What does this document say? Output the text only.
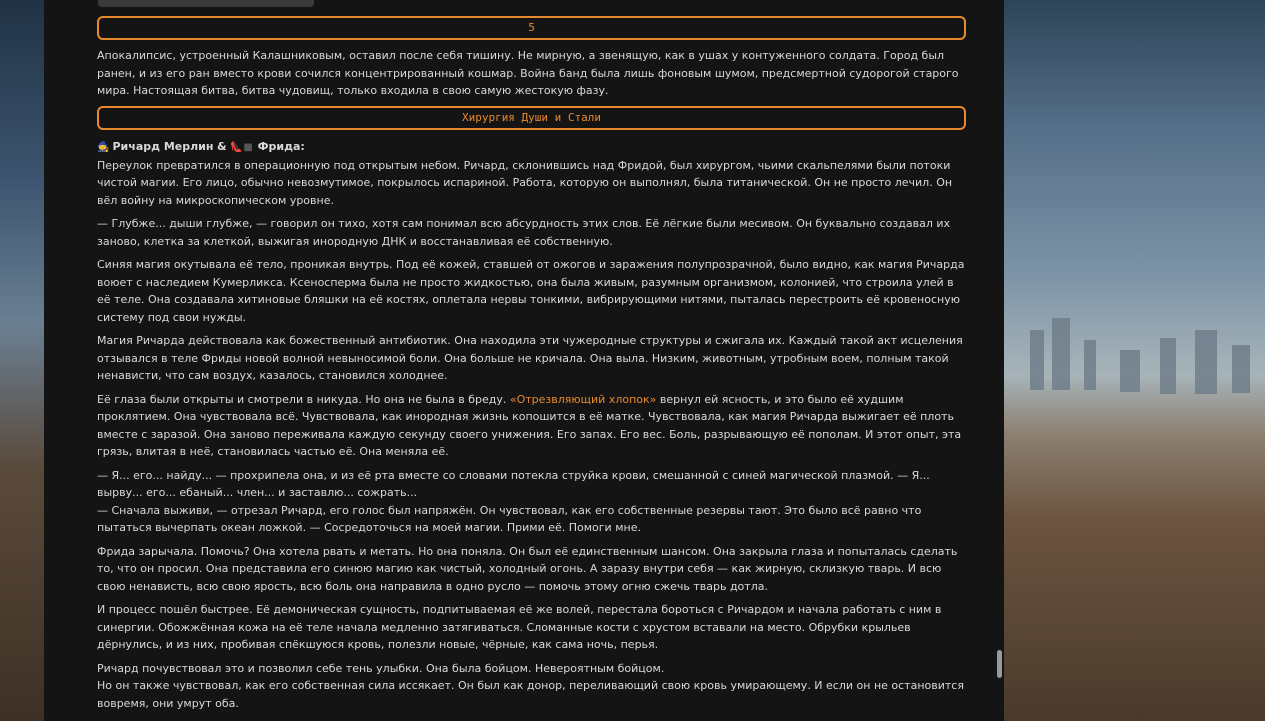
5

Апокалипсис, устроенный Калашниковым, оставил после себя тишину. Не мирную, а звенящую, как в ушах у контуженного солдата. Город был ранен, и из его ран вместо крови сочился концентрированный кошмар. Война банд была лишь фоновым шумом, предсмертной судорогой старого мира. Настоящая битва, битва чудовищ, только входила в свою самую жестокую фазу.

Хирургия Души и Стали

🧙 Ричард Мерлин & 👠■ Фрида:

Переулок превратился в операционную под открытым небом. Ричард, склонившись над Фридой, был хирургом, чьими скальпелями были потоки чистой магии. Его лицо, обычно невозмутимое, покрылось испариной. Работа, которую он выполнял, была титанической. Он не просто лечил. Он вёл войну на микроскопическом уровне.

— Глубже... дыши глубже, — говорил он тихо, хотя сам понимал всю абсурдность этих слов. Её лёгкие были месивом. Он буквально создавал их заново, клетка за клеткой, выжигая инородную ДНК и восстанавливая её собственную.

Синяя магия окутывала её тело, проникая внутрь. Под её кожей, ставшей от ожогов и заражения полупрозрачной, было видно, как магия Ричарда воюет с наследием Кумерликса. Ксеносперма была не просто жидкостью, она была живым, разумным организмом, колонией, что строила улей в её теле. Она создавала хитиновые бляшки на её костях, оплетала нервы тонкими, вибрирующими нитями, пыталась перестроить её кровеносную систему под свои нужды.

Магия Ричарда действовала как божественный антибиотик. Она находила эти чужеродные структуры и сжигала их. Каждый такой акт исцеления отзывался в теле Фриды новой волной невыносимой боли. Она больше не кричала. Она выла. Низким, животным, утробным воем, полным такой ненависти, что сам воздух, казалось, становился холоднее.

Её глаза были открыты и смотрели в никуда. Но она не была в бреду. «Отрезвляющий хлопок» вернул ей ясность, и это было её худшим проклятием. Она чувствовала всё. Чувствовала, как инородная жизнь копошится в её матке. Чувствовала, как магия Ричарда выжигает её плоть вместе с заразой. Она заново переживала каждую секунду своего унижения. Его запах. Его вес. Боль, разрывающую её пополам. И этот опыт, эта грязь, влитая в неё, становилась частью её. Она меняла её.

— Я... его... найду... — прохрипела она, и из её рта вместе со словами потекла струйка крови, смешанной с синей магической плазмой. — Я... вырву... его... ебаный... член... и заставлю... сожрать...

— Сначала выживи, — отрезал Ричард, его голос был напряжён. Он чувствовал, как его собственные резервы тают. Это было всё равно что пытаться вычерпать океан ложкой. — Сосредоточься на моей магии. Прими её. Помоги мне.

Фрида зарычала. Помочь? Она хотела рвать и метать. Но она поняла. Он был её единственным шансом. Она закрыла глаза и попыталась сделать то, что он просил. Она представила его синюю магию как чистый, холодный огонь. А заразу внутри себя — как жирную, склизкую тварь. И всю свою ненависть, всю свою ярость, всю боль она направила в одно русло — помочь этому огню сжечь тварь дотла.

И процесс пошёл быстрее. Её демоническая сущность, подпитываемая её же волей, перестала бороться с Ричардом и начала работать с ним в синергии. Обожжённая кожа на её теле начала медленно затягиваться. Сломанные кости с хрустом вставали на место. Обрубки крыльев дёрнулись, и из них, пробивая спёкшуюся кровь, полезли новые, чёрные, как сама ночь, перья.

Ричард почувствовал это и позволил себе тень улыбки. Она была бойцом. Невероятным бойцом.

Но он также чувствовал, как его собственная сила иссякает. Он был как донор, переливающий свою кровь умирающему. И если он не остановится вовремя, они умрут оба.
